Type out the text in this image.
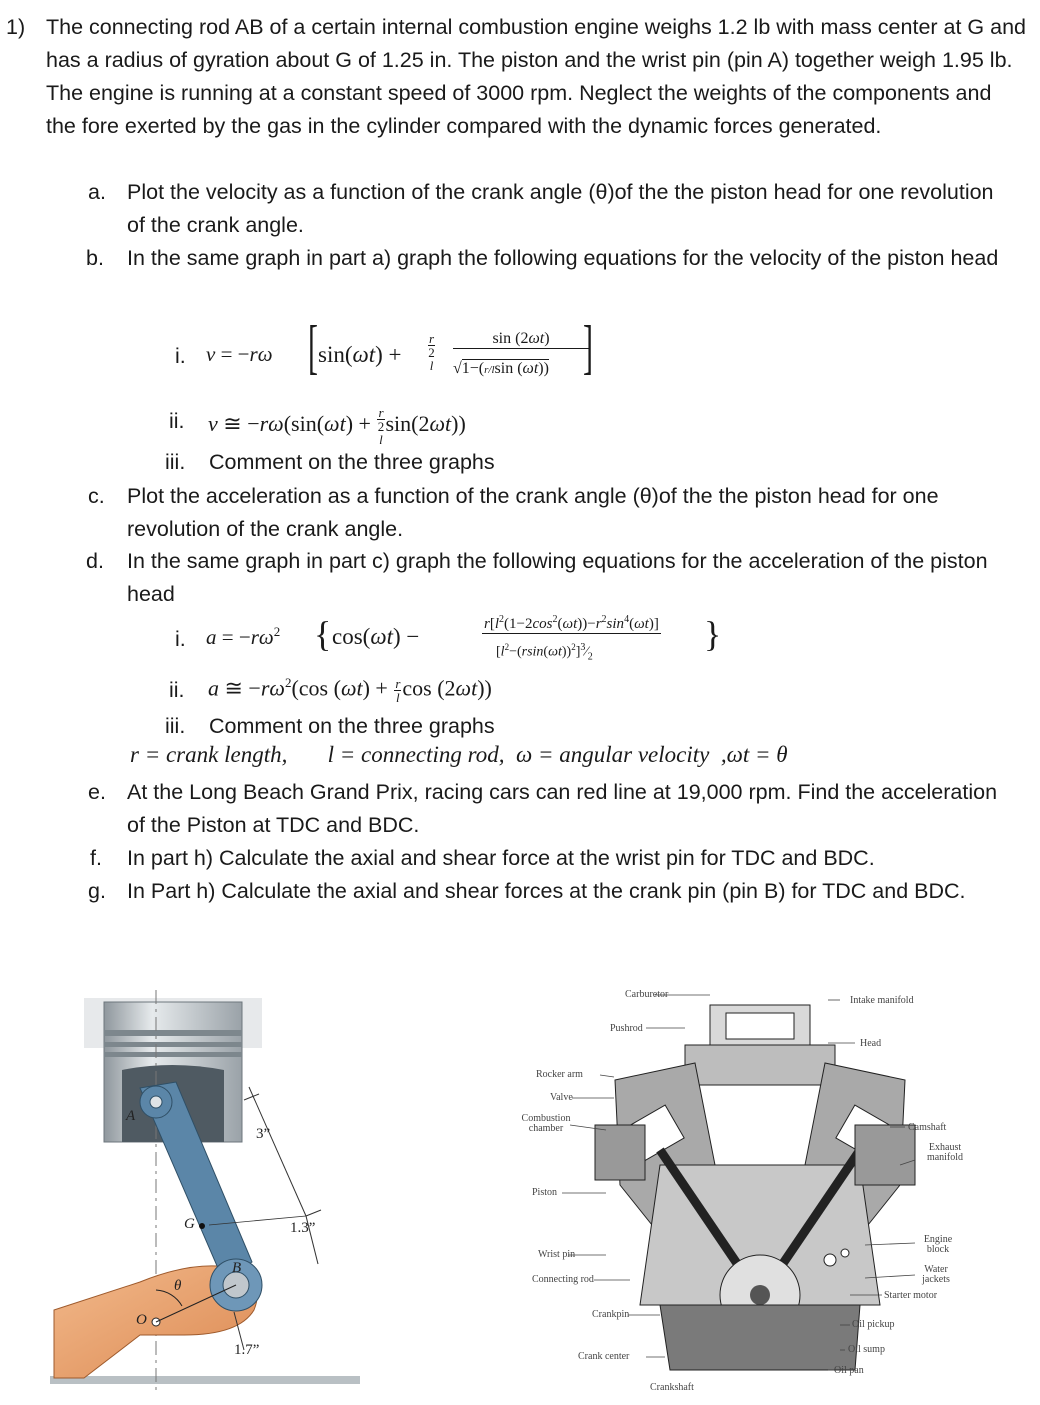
1) The connecting rod AB of a certain internal combustion engine weighs 1.2 lb with mass center at G and has a radius of gyration about G of 1.25 in. The piston and the wrist pin (pin A) together weigh 1.95 lb. The engine is running at a constant speed of 3000 rpm. Neglect the weights of the components and the fore exerted by the gas in the cylinder compared with the dynamic forces generated.
a. Plot the velocity as a function of the crank angle (θ)of the the piston head for one revolution of the crank angle.
b. In the same graph in part a) graph the following equations for the velocity of the piston head
i. v = −rω [ sin(ωt) + r
2
l	sin (2ωt)
√1−(r/lsin (ωt)) ]
ii. v ≅ −rω(sin(ωt) + r
2
l sin(2ωt))
iii. Comment on the three graphs
c. Plot the acceleration as a function of the crank angle (θ)of the the piston head for one revolution of the crank angle.
d. In the same graph in part c) graph the following equations for the acceleration of the piston head
i. $a = -r\omega^2$ { cos(ωt) −	$r[l^2(1-2\cos^2(\omega t))-r^2\sin^4(\omega t)]$
$[l^2-(rsin(\omega t))^2]^3⁄_2$
}
ii. a ≅ $-r\omega^2(\cos$ $(\omega t) + \frac{r}{l}$ cos (2ωt))
iii. Comment on the three graphs
r = crank length,       l = connecting rod,  ω = angular velocity  ,ωt = θ
e. At the Long Beach Grand Prix, racing cars can red line at 19,000 rpm. Find the acceleration of the Piston at TDC and BDC.
f. In part h) Calculate the axial and shear force at the wrist pin for TDC and BDC.
g. In Part h) Calculate the axial and shear forces at the crank pin (pin B) for TDC and BDC.
A
G
B
O
θ
3”
1.3”
1.7”
Rocker arm
Valve
Combustion chamber
Piston
Wrist pin
Connecting rod
Carburetor
Pushrod
Crankpin
Crank center
Crankshaft
Intake manifold
Head
Camshaft
Exhaust manifold
Engine block
Water jackets
Starter motor
Oil pickup
Oil sump
Oil pan
